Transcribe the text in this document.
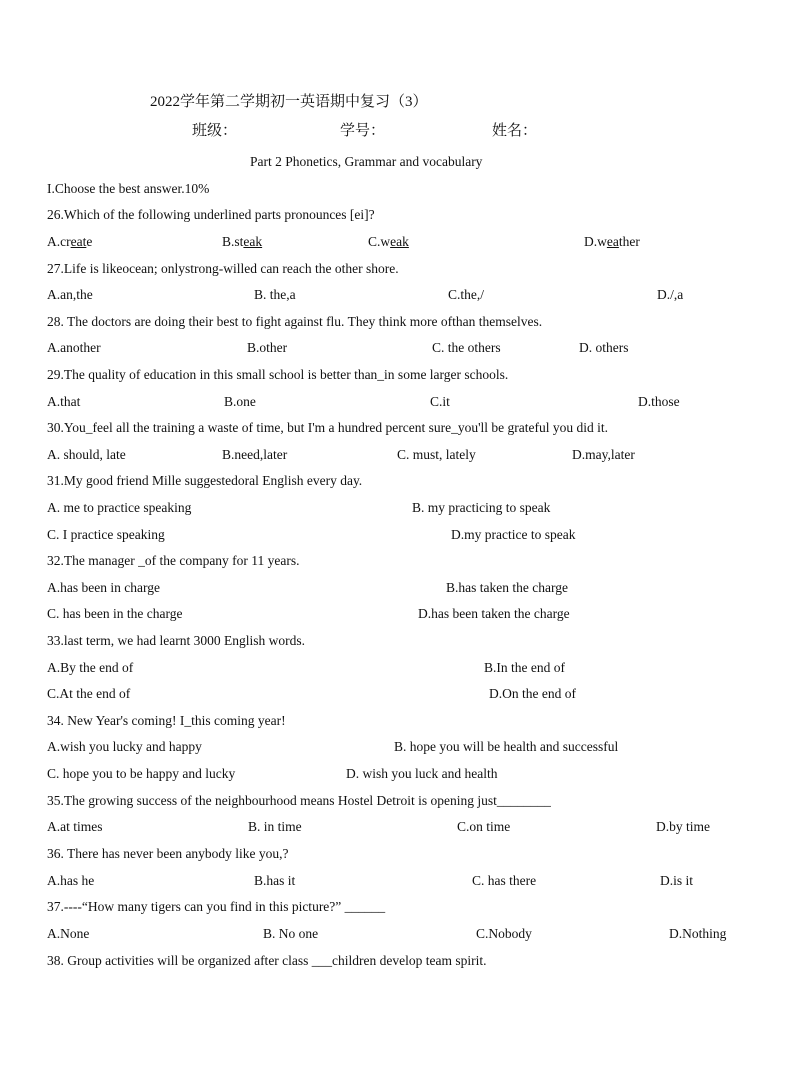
2022学年第二学期初一英语期中复习（3）
班级：	学号：	姓名：
Part 2 Phonetics, Grammar and vocabulary
I.Choose the best answer.10%
26.Which of the following underlined parts pronounces [ei]?
A.create	B.steak	C.weak	D.weather
27.Life is likeocean; onlystrong-willed can reach the other shore.
A.an,the	B. the,a	C.the,/	D./,a
28. The doctors are doing their best to fight against flu. They think more ofthan themselves.
A.another	B.other	C. the others	D. others
29.The quality of education in this small school is better than_in some larger schools.
A.that	B.one	C.it	D.those
30.You_feel all the training a waste of time, but I'm a hundred percent sure_you'll be grateful you did it.
A. should, late	B.need,later	C. must, lately	D.may,later
31.My good friend Mille suggestedoral English every day.
A. me to practice speaking	B. my practicing to speak
C. I practice speaking	D.my practice to speak
32.The manager _of the company for 11 years.
A.has been in charge	B.has taken the charge
C. has been in the charge	D.has been taken the charge
33.last term, we had learnt 3000 English words.
A.By the end of	B.In the end of
C.At the end of	D.On the end of
34. New Year's coming! I_this coming year!
A.wish you lucky and happy	B. hope you will be health and successful
C. hope you to be happy and lucky	D. wish you luck and health
35.The growing success of the neighbourhood means Hostel Detroit is opening just________
A.at times	B. in time	C.on time	D.by time
36. There has never been anybody like you,?
A.has he	B.has it	C. has there	D.is it
37.----“How many tigers can you find in this picture?” ______
A.None	B. No one	C.Nobody	D.Nothing
38. Group activities will be organized after class ___children develop team spirit.
